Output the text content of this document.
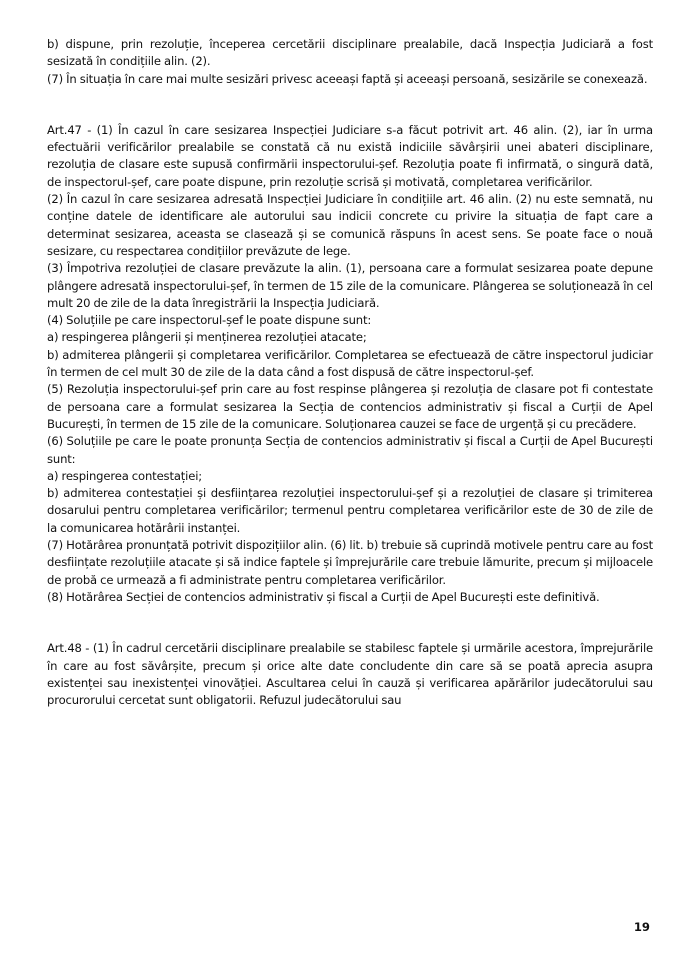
b) dispune, prin rezoluție, începerea cercetării disciplinare prealabile, dacă Inspecția Judiciară a fost sesizată în condițiile alin. (2).

(7) În situația în care mai multe sesizări privesc aceeași faptă și aceeași persoană, sesizările se conexează.

Art.47 - (1) În cazul în care sesizarea Inspecției Judiciare s-a făcut potrivit art. 46 alin. (2), iar în urma efectuării verificărilor prealabile se constată că nu există indiciile săvârșirii unei abateri disciplinare, rezoluția de clasare este supusă confirmării inspectorului-șef. Rezoluția poate fi infirmată, o singură dată, de inspectorul-șef, care poate dispune, prin rezoluție scrisă și motivată, completarea verificărilor.

(2) În cazul în care sesizarea adresată Inspecției Judiciare în condițiile art. 46 alin. (2) nu este semnată, nu conține datele de identificare ale autorului sau indicii concrete cu privire la situația de fapt care a determinat sesizarea, aceasta se clasează și se comunică răspuns în acest sens. Se poate face o nouă sesizare, cu respectarea condițiilor prevăzute de lege.

(3) Împotriva rezoluției de clasare prevăzute la alin. (1), persoana care a formulat sesizarea poate depune plângere adresată inspectorului-șef, în termen de 15 zile de la comunicare. Plângerea se soluționează în cel mult 20 de zile de la data înregistrării la Inspecția Judiciară.

(4) Soluțiile pe care inspectorul-șef le poate dispune sunt:

a) respingerea plângerii și menținerea rezoluției atacate;

b) admiterea plângerii și completarea verificărilor. Completarea se efectuează de către inspectorul judiciar în termen de cel mult 30 de zile de la data când a fost dispusă de către inspectorul-șef.

(5) Rezoluția inspectorului-șef prin care au fost respinse plângerea și rezoluția de clasare pot fi contestate de persoana care a formulat sesizarea la Secția de contencios administrativ și fiscal a Curții de Apel București, în termen de 15 zile de la comunicare. Soluționarea cauzei se face de urgență și cu precădere.

(6) Soluțiile pe care le poate pronunța Secția de contencios administrativ și fiscal a Curții de Apel București sunt:

a) respingerea contestației;

b) admiterea contestației și desființarea rezoluției inspectorului-șef și a rezoluției de clasare și trimiterea dosarului pentru completarea verificărilor; termenul pentru completarea verificărilor este de 30 de zile de la comunicarea hotărârii instanței.

(7) Hotărârea pronunțată potrivit dispozițiilor alin. (6) lit. b) trebuie să cuprindă motivele pentru care au fost desființate rezoluțiile atacate și să indice faptele și împrejurările care trebuie lămurite, precum și mijloacele de probă ce urmează a fi administrate pentru completarea verificărilor.

(8) Hotărârea Secției de contencios administrativ și fiscal a Curții de Apel București este definitivă.

Art.48 - (1) În cadrul cercetării disciplinare prealabile se stabilesc faptele și urmările acestora, împrejurările în care au fost săvârșite, precum și orice alte date concludente din care să se poată aprecia asupra existenței sau inexistenței vinovăției. Ascultarea celui în cauză și verificarea apărărilor judecătorului sau procurorului cercetat sunt obligatorii. Refuzul judecătorului sau

19
